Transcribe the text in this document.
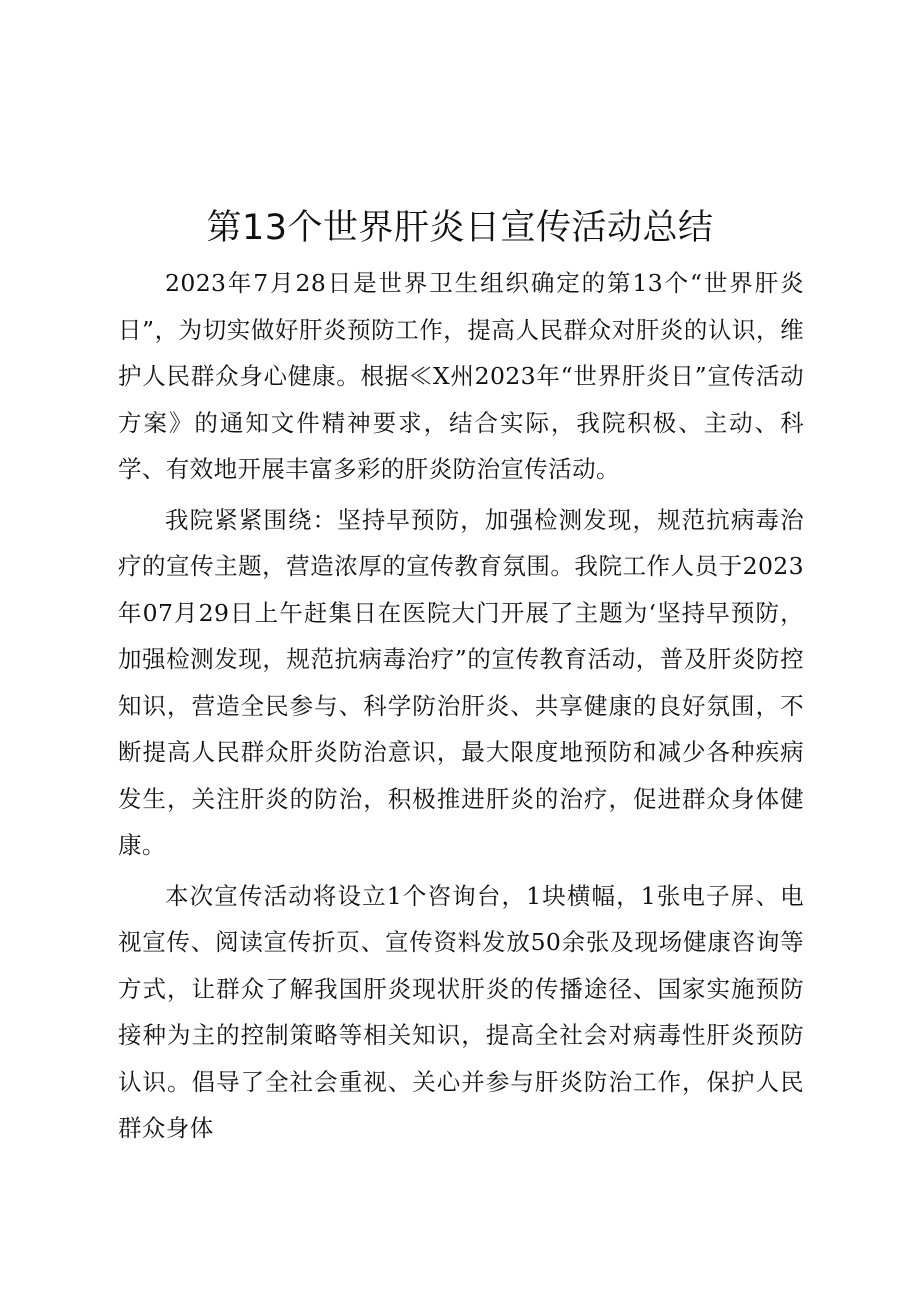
第13个世界肝炎日宣传活动总结

2023年7月28日是世界卫生组织确定的第13个“世界肝炎日”，为切实做好肝炎预防工作，提高人民群众对肝炎的认识，维护人民群众身心健康。根据≪X州2023年“世界肝炎日”宣传活动方案》的通知文件精神要求，结合实际，我院积极、主动、科学、有效地开展丰富多彩的肝炎防治宣传活动。

我院紧紧围绕：坚持早预防，加强检测发现，规范抗病毒治疗的宣传主题，营造浓厚的宣传教育氛围。我院工作人员于2023年07月29日上午赶集日在医院大门开展了主题为‘坚持早预防，加强检测发现，规范抗病毒治疗”的宣传教育活动，普及肝炎防控知识，营造全民参与、科学防治肝炎、共享健康的良好氛围，不断提高人民群众肝炎防治意识，最大限度地预防和减少各种疾病发生，关注肝炎的防治，积极推进肝炎的治疗，促进群众身体健康。

本次宣传活动将设立1个咨询台，1块横幅，1张电子屏、电视宣传、阅读宣传折页、宣传资料发放50余张及现场健康咨询等方式，让群众了解我国肝炎现状肝炎的传播途径、国家实施预防接种为主的控制策略等相关知识，提高全社会对病毒性肝炎预防认识。倡导了全社会重视、关心并参与肝炎防治工作，保护人民群众身体
